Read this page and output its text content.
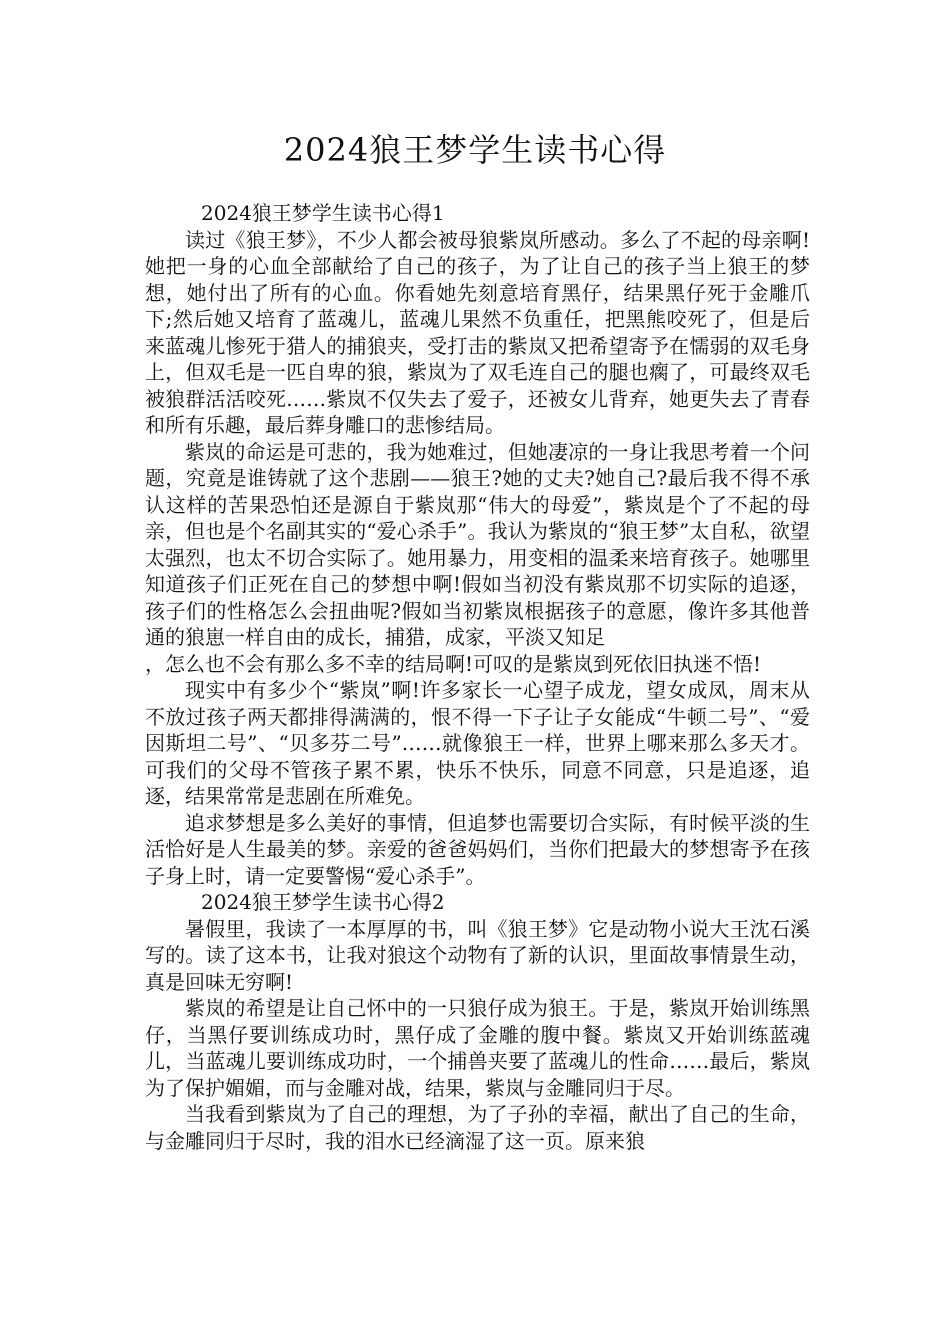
2024狼王梦学生读书心得

2024狼王梦学生读书心得1

读过《狼王梦》，不少人都会被母狼紫岚所感动。多么了不起的母亲啊!她把一身的心血全部献给了自己的孩子，为了让自己的孩子当上狼王的梦想，她付出了所有的心血。你看她先刻意培育黑仔，结果黑仔死于金雕爪下;然后她又培育了蓝魂儿，蓝魂儿果然不负重任，把黑熊咬死了，但是后来蓝魂儿惨死于猎人的捕狼夹，受打击的紫岚又把希望寄予在懦弱的双毛身上，但双毛是一匹自卑的狼，紫岚为了双毛连自己的腿也瘸了，可最终双毛被狼群活活咬死……紫岚不仅失去了爱子，还被女儿背弃，她更失去了青春和所有乐趣，最后葬身雕口的悲惨结局。

紫岚的命运是可悲的，我为她难过，但她凄凉的一身让我思考着一个问题，究竟是谁铸就了这个悲剧——狼王?她的丈夫?她自己?最后我不得不承认这样的苦果恐怕还是源自于紫岚那“伟大的母爱”，紫岚是个了不起的母亲，但也是个名副其实的“爱心杀手”。我认为紫岚的“狼王梦”太自私，欲望太强烈，也太不切合实际了。她用暴力，用变相的温柔来培育孩子。她哪里知道孩子们正死在自己的梦想中啊!假如当初没有紫岚那不切实际的追逐，孩子们的性格怎么会扭曲呢?假如当初紫岚根据孩子的意愿，像许多其他普通的狼崽一样自由的成长，捕猎，成家，平淡又知足

，怎么也不会有那么多不幸的结局啊!可叹的是紫岚到死依旧执迷不悟!

现实中有多少个“紫岚”啊!许多家长一心望子成龙，望女成凤，周末从不放过孩子两天都排得满满的，恨不得一下子让子女能成“牛顿二号”、“爱因斯坦二号”、“贝多芬二号”……就像狼王一样，世界上哪来那么多天才。可我们的父母不管孩子累不累，快乐不快乐，同意不同意，只是追逐，追逐，结果常常是悲剧在所难免。

追求梦想是多么美好的事情，但追梦也需要切合实际，有时候平淡的生活恰好是人生最美的梦。亲爱的爸爸妈妈们，当你们把最大的梦想寄予在孩子身上时，请一定要警惕“爱心杀手”。

2024狼王梦学生读书心得2

暑假里，我读了一本厚厚的书，叫《狼王梦》它是动物小说大王沈石溪写的。读了这本书，让我对狼这个动物有了新的认识，里面故事情景生动，真是回味无穷啊!

紫岚的希望是让自己怀中的一只狼仔成为狼王。于是，紫岚开始训练黑仔，当黑仔要训练成功时，黑仔成了金雕的腹中餐。紫岚又开始训练蓝魂儿，当蓝魂儿要训练成功时，一个捕兽夹要了蓝魂儿的性命……最后，紫岚为了保护媚媚，而与金雕对战，结果，紫岚与金雕同归于尽。

当我看到紫岚为了自己的理想，为了子孙的幸福，献出了自己的生命，与金雕同归于尽时，我的泪水已经滴湿了这一页。原来狼
